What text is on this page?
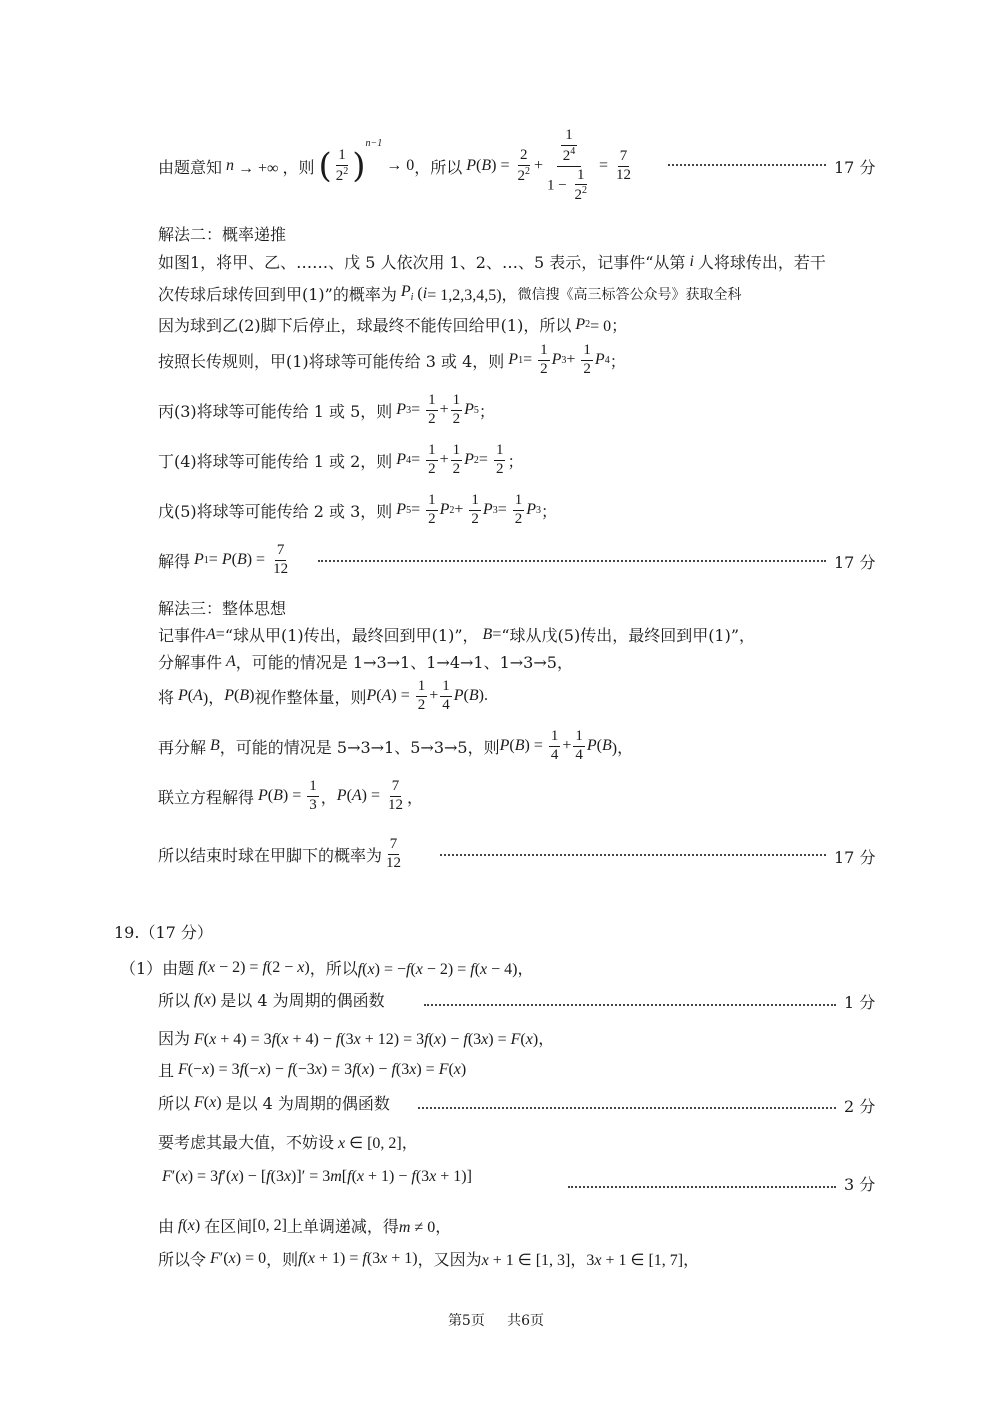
由题意知 n → +∞ ，则 ( $\frac{1}{2^2}$ )
n−1
→ 0 ，所以 P ( B ) = $\frac{2}{2^2} + \frac{\frac{1}{2^4}}{1 - \frac{1}{2^2}} = \frac{7}{12}$	17 分
解法二：概率递推
如图1，将甲、乙、……、戊 5 人依次用 1、2、…、5 表示，记事件“从第 i 人将球传出，若干
次传球后球传回到甲(1)”的概率为 $P_i$ ( i = 1,2,3,4,5)， 微信搜《高三标答公众号》获取全科
因为球到乙(2)脚下后停止，球最终不能传回给甲(1)，所以 P 2 = 0；
按照长传规则，甲(1)将球等可能传给 3 或 4，则 P $1 = \frac{1}{2}$ P $3 + \frac{1}{2}$ P 4 ；
丙(3)将球等可能传给 1 或 5，则 P $3 = \frac{1}{2} + \frac{1}{2}$ P 5 ；
丁(4)将球等可能传给 1 或 2，则 P $4 = \frac{1}{2} + \frac{1}{2}$ P $2 = \frac{1}{2}$ ；
戊(5)将球等可能传给 2 或 3，则 P $5 = \frac{1}{2}$ P $2 + \frac{1}{2}$ P $3 = \frac{1}{2}$ P 3 ；
解得 P 1 = P ( B ) = $\frac{7}{12}$	17 分
解法三：整体思想
记事件 A = “球从甲(1)传出，最终回到甲(1)”， B = “球从戊(5)传出，最终回到甲(1)”，
分解事件 A ，可能的情况是 1→3→1、1→4→1、1→3→5，
将 P ( A )， P ( B ) 视作整体量，则 P ( A ) = $\frac{1}{2} + \frac{1}{4}$ P ( B ).
再分解 B ，可能的情况是 5→3→1、5→3→5，则 P ( B ) = $\frac{1}{4} + \frac{1}{4}$ P ( B )，
联立方程解得 P ( B ) = $\frac{1}{3}$ ， P ( A ) = $\frac{7}{12}$ ，
所以结束时球在甲脚下的概率为 $\frac{7}{12}$	17 分
19.（17 分）
（1）由题 f(x − 2) = f(2 − x) ，所以 f(x) = −f(x − 2) = f(x − 4)，
所以 f(x) 是以 4 为周期的偶函数	1 分
因为 F(x + 4) = 3f(x + 4) − f(3x + 12) = 3f(x) − f(3x) = F(x)，
且 F(−x) = 3f(−x) − f(−3x) = 3f(x) − f(3x) = F(x)
所以 F(x) 是以 4 为周期的偶函数	2 分
要考虑其最大值，不妨设 x ∈ [0, 2]，
F′(x) = 3f′(x) − [f(3x)]′ = 3m[f(x + 1) − f(3x + 1)]	3 分
由 f(x) 在区间 [0, 2] 上单调递减，得 m ≠ 0，
所以令 F′(x) = 0 ，则 f(x + 1) = f(3x + 1) ，又因为 x + 1 ∈ [1, 3]，3x + 1 ∈ [1, 7]，
第5页 共6页
